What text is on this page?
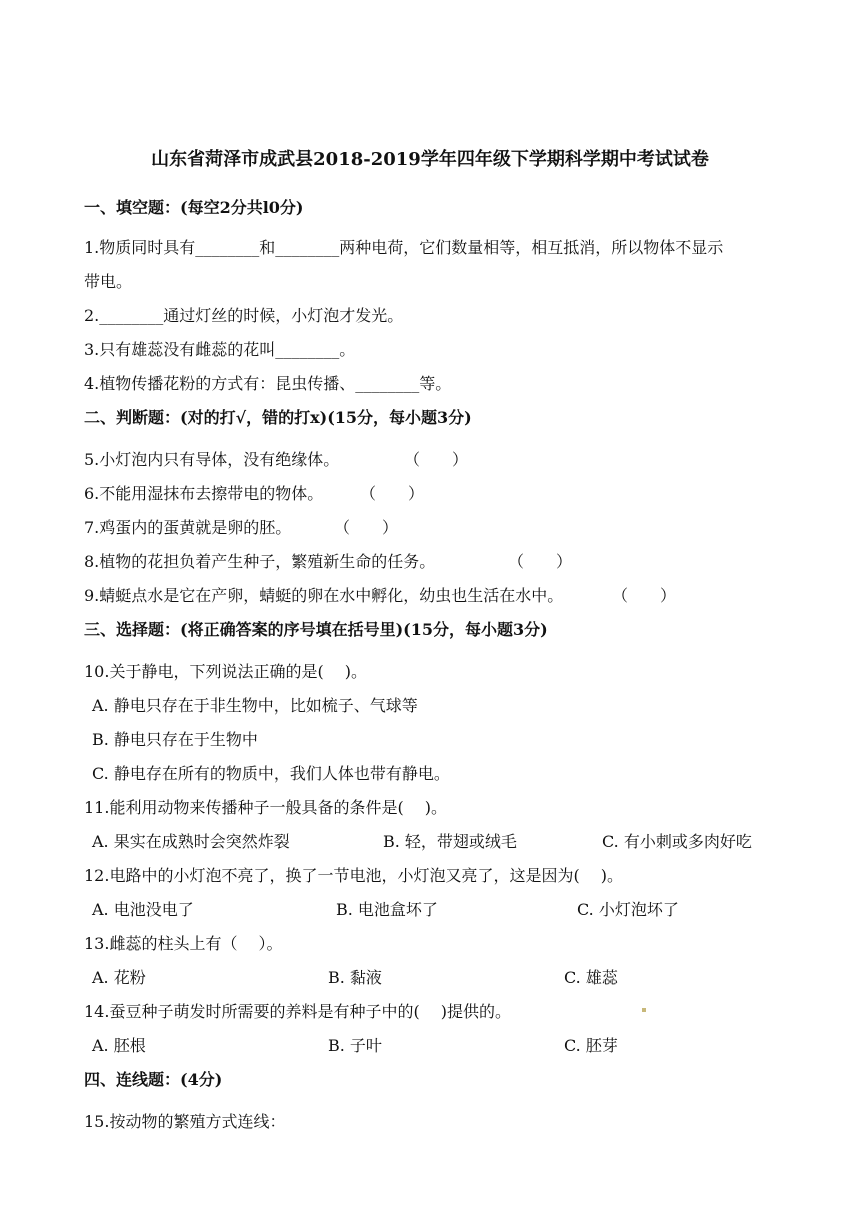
山东省菏泽市成武县2018-2019学年四年级下学期科学期中考试试卷
一、填空题：(每空2分共l0分)
1.物质同时具有________和________两种电荷，它们数量相等，相互抵消，所以物体不显示
带电。
2.________通过灯丝的时候，小灯泡才发光。
3.只有雄蕊没有雌蕊的花叫________。
4.植物传播花粉的方式有：昆虫传播、________等。
二、判断题：(对的打√，错的打x)(15分，每小题3分)
5.小灯泡内只有导体，没有绝缘体。	（　　）
6.不能用湿抹布去擦带电的物体。 （　　）
7.鸡蛋内的蛋黄就是卵的胚。	（　　）
8.植物的花担负着产生种子，繁殖新生命的任务。	（　　）
9.蜻蜓点水是它在产卵，蜻蜓的卵在水中孵化，幼虫也生活在水中。	（　　）
三、选择题：(将正确答案的序号填在括号里)(15分，每小题3分)
10.关于静电，下列说法正确的是(　 )。
A. 静电只存在于非生物中，比如梳子、气球等
B. 静电只存在于生物中
C. 静电存在所有的物质中，我们人体也带有静电。
11.能利用动物来传播种子一般具备的条件是(　 )。
A. 果实在成熟时会突然炸裂	B. 轻，带翅或绒毛	C. 有小刺或多肉好吃
12.电路中的小灯泡不亮了，换了一节电池，小灯泡又亮了，这是因为(　 )。
A. 电池没电了	B. 电池盒坏了	C. 小灯泡坏了
13.雌蕊的柱头上有（　 ）。
A. 花粉	B. 黏液	C. 雄蕊
14.蚕豆种子萌发时所需要的养料是有种子中的(　 )提供的。
A. 胚根	B. 子叶	C. 胚芽
四、连线题：(4分)
15.按动物的繁殖方式连线：
